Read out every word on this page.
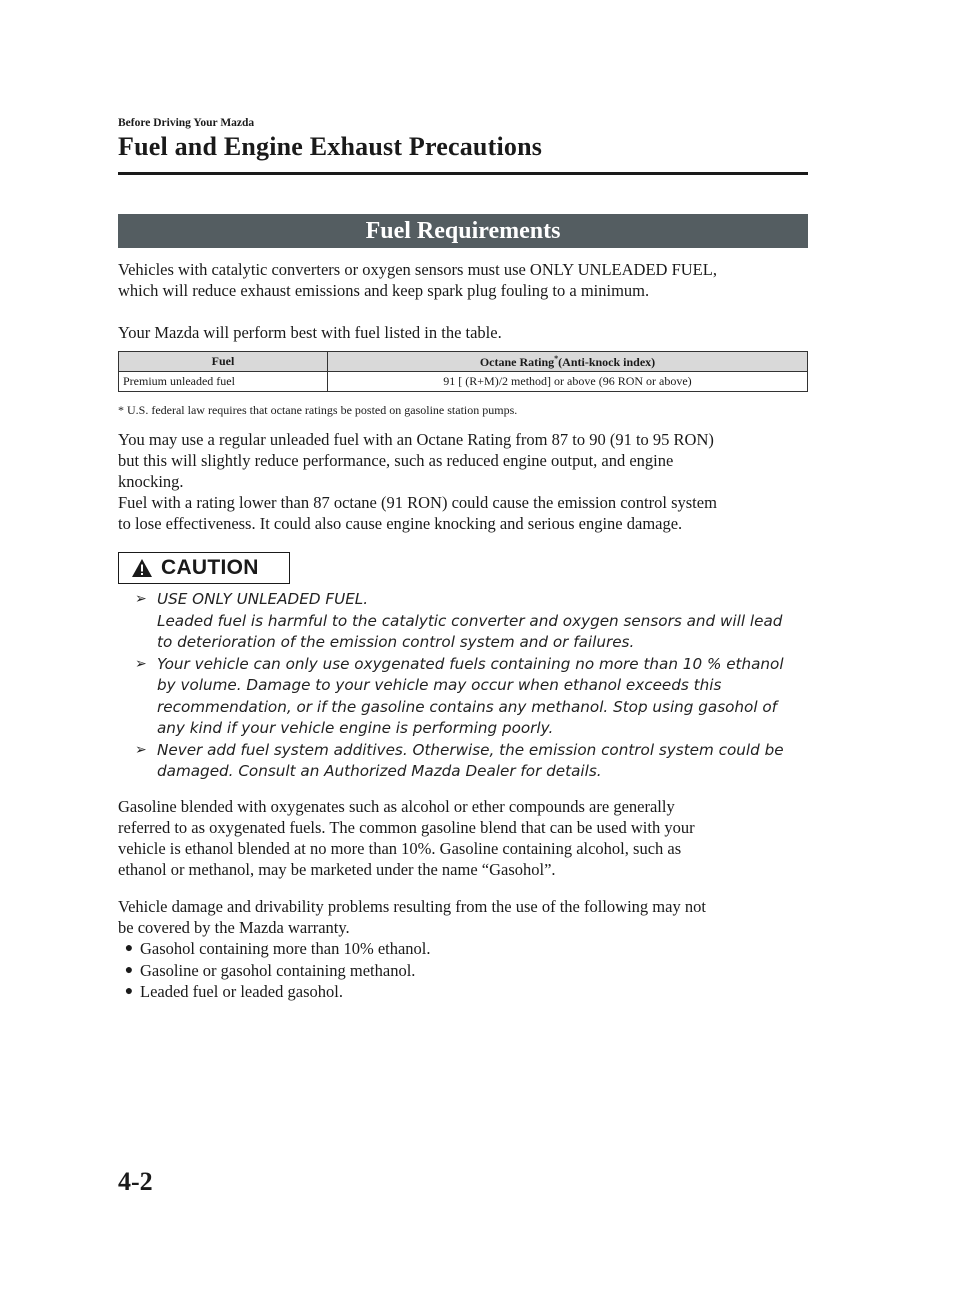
Before Driving Your Mazda
Fuel and Engine Exhaust Precautions
Fuel Requirements

Vehicles with catalytic converters or oxygen sensors must use ONLY UNLEADED FUEL,
which will reduce exhaust emissions and keep spark plug fouling to a minimum.

Your Mazda will perform best with fuel listed in the table.

Fuel	Octane Rating*(Anti-knock index)
Premium unleaded fuel	91 [ (R+M)/2 method] or above (96 RON or above)
* U.S. federal law requires that octane ratings be posted on gasoline station pumps.

You may use a regular unleaded fuel with an Octane Rating from 87 to 90 (91 to 95 RON)
but this will slightly reduce performance, such as reduced engine output, and engine
knocking.
Fuel with a rating lower than 87 octane (91 RON) could cause the emission control system
to lose effectiveness. It could also cause engine knocking and serious engine damage.

CAUTION
➢ USE ONLY UNLEADED FUEL.
Leaded fuel is harmful to the catalytic converter and oxygen sensors and will lead
to deterioration of the emission control system and or failures.
➢ Your vehicle can only use oxygenated fuels containing no more than 10 % ethanol
by volume. Damage to your vehicle may occur when ethanol exceeds this
recommendation, or if the gasoline contains any methanol. Stop using gasohol of
any kind if your vehicle engine is performing poorly.
➢ Never add fuel system additives. Otherwise, the emission control system could be
damaged. Consult an Authorized Mazda Dealer for details.

Gasoline blended with oxygenates such as alcohol or ether compounds are generally
referred to as oxygenated fuels. The common gasoline blend that can be used with your
vehicle is ethanol blended at no more than 10%. Gasoline containing alcohol, such as
ethanol or methanol, may be marketed under the name “Gasohol”.

Vehicle damage and drivability problems resulting from the use of the following may not
be covered by the Mazda warranty.

● Gasohol containing more than 10% ethanol.
● Gasoline or gasohol containing methanol.
● Leaded fuel or leaded gasohol.
4-2
